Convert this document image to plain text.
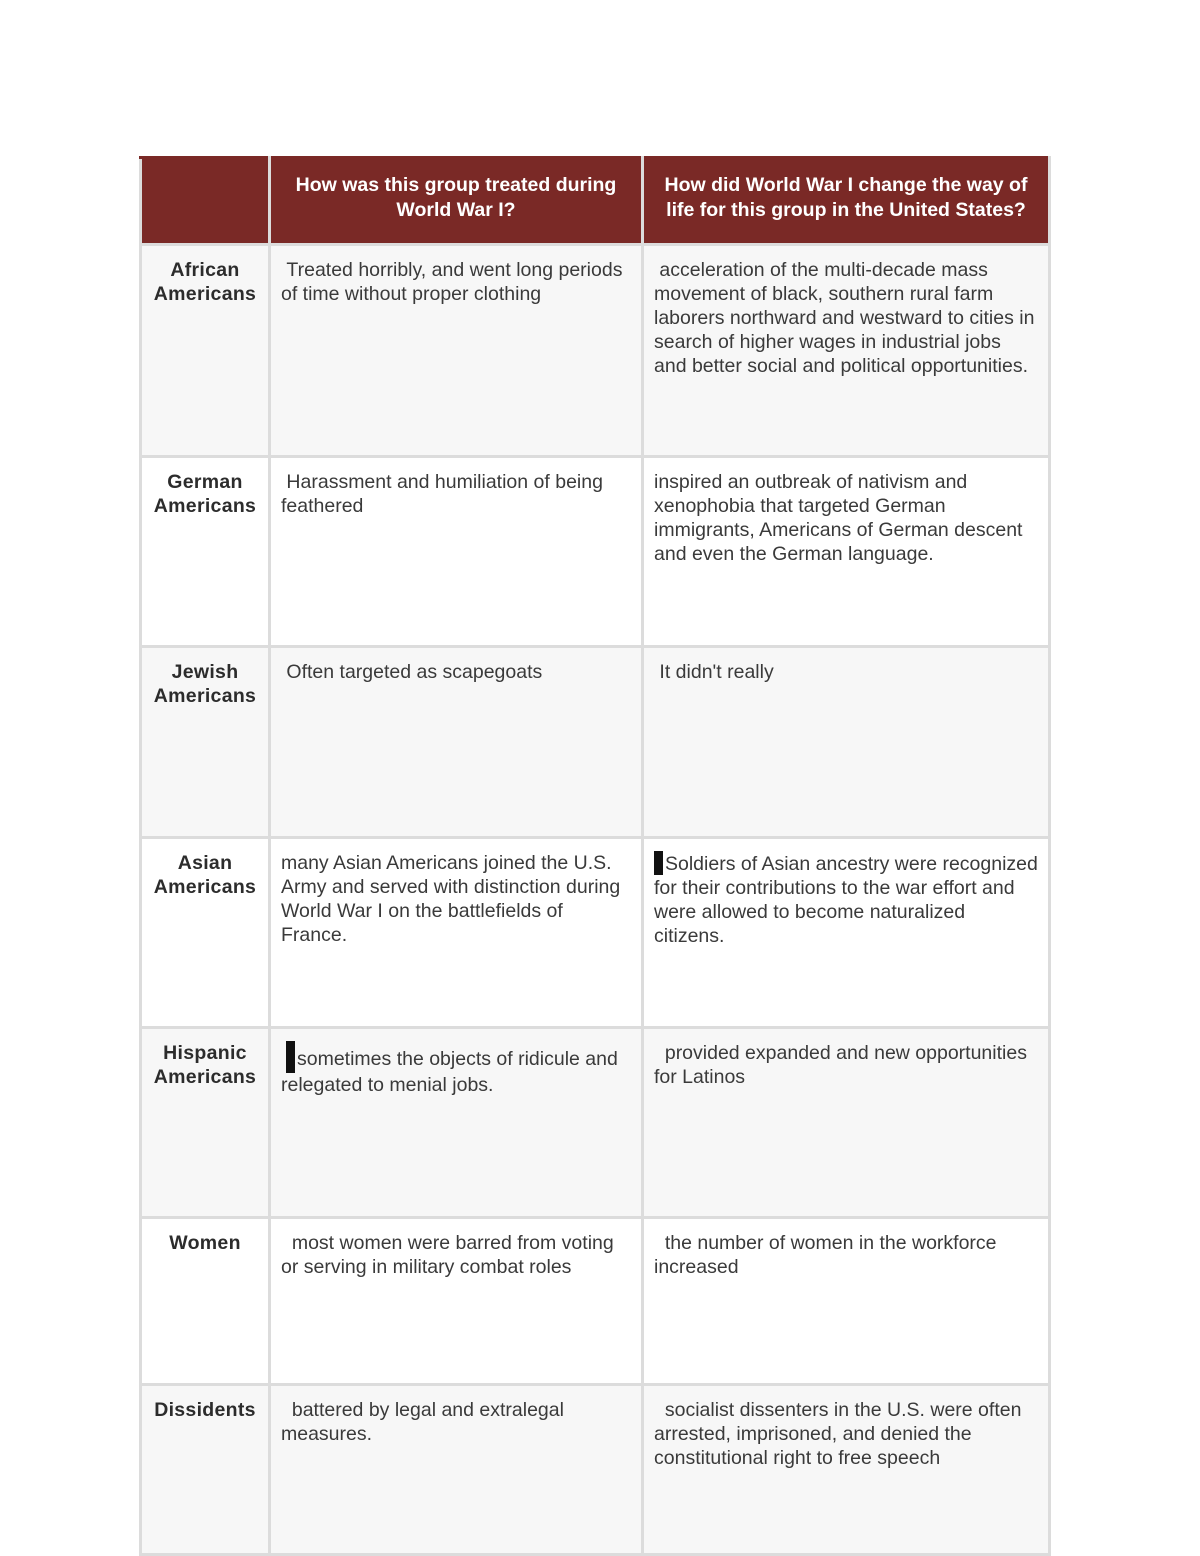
	How was this group treated during World War I?	How did World War I change the way of life for this group in the United States?

African Americans	Treated horribly, and went long periods of time without proper clothing	acceleration of the multi-decade mass movement of black, southern rural farm laborers northward and westward to cities in search of higher wages in industrial jobs and better social and political opportunities.
German Americans	Harassment and humiliation of being feathered	inspired an outbreak of nativism and xenophobia that targeted German immigrants, Americans of German descent and even the German language.
Jewish Americans	Often targeted as scapegoats	It didn't really
Asian Americans	many Asian Americans joined the U.S. Army and served with distinction during World War I on the battlefields of France.	Soldiers of Asian ancestry were recognized for their contributions to the war effort and were allowed to become naturalized citizens.
Hispanic Americans	sometimes the objects of ridicule and relegated to menial jobs.	provided expanded and new opportunities for Latinos
Women	most women were barred from voting or serving in military combat roles	the number of women in the workforce increased
Dissidents	battered by legal and extralegal measures.	socialist dissenters in the U.S. were often arrested, imprisoned, and denied the constitutional right to free speech
